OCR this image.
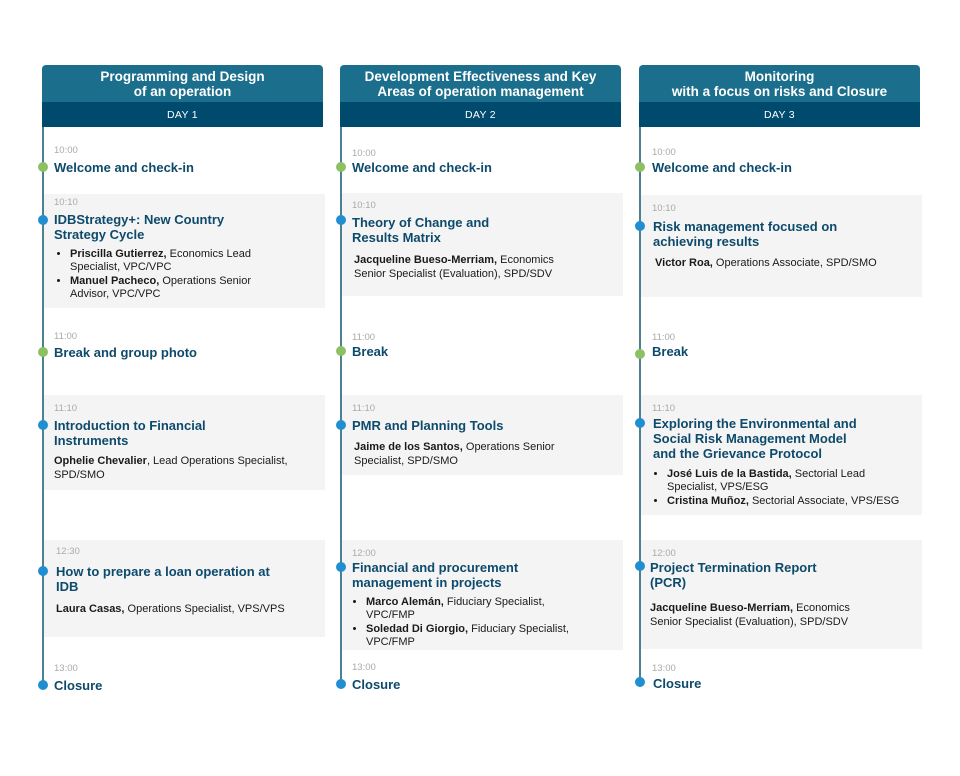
Programming and Design
of an operation
DAY 1
10:00
Welcome and check-in
10:10
IDBStrategy+: New Country
Strategy Cycle
• Priscilla Gutierrez, Economics Lead
Specialist, VPC/VPC
• Manuel Pacheco, Operations Senior
Advisor, VPC/VPC
11:00
Break and group photo
11:10
Introduction to Financial
Instruments
Ophelie Chevalier, Lead Operations Specialist,
SPD/SMO
12:30
How to prepare a loan operation at
IDB
Laura Casas, Operations Specialist, VPS/VPS
13:00
Closure
Development Effectiveness and Key
Areas of operation management
DAY 2
10:00
Welcome and check-in
10:10
Theory of Change and
Results Matrix
Jacqueline Bueso-Merriam, Economics
Senior Specialist (Evaluation), SPD/SDV
11:00
Break
11:10
PMR and Planning Tools
Jaime de los Santos, Operations Senior
Specialist, SPD/SMO
12:00
Financial and procurement
management in projects
• Marco Alemán, Fiduciary Specialist,
VPC/FMP
• Soledad Di Giorgio, Fiduciary Specialist,
VPC/FMP
13:00
Closure
Monitoring
with a focus on risks and Closure
DAY 3
10:00
Welcome and check-in
10:10
Risk management focused on
achieving results
Victor Roa, Operations Associate, SPD/SMO
11:00
Break
11:10
Exploring the Environmental and
Social Risk Management Model
and the Grievance Protocol
• José Luis de la Bastida, Sectorial Lead
Specialist, VPS/ESG
• Cristina Muñoz, Sectorial Associate, VPS/ESG
12:00
Project Termination Report
(PCR)
Jacqueline Bueso-Merriam, Economics
Senior Specialist (Evaluation), SPD/SDV
13:00
Closure
